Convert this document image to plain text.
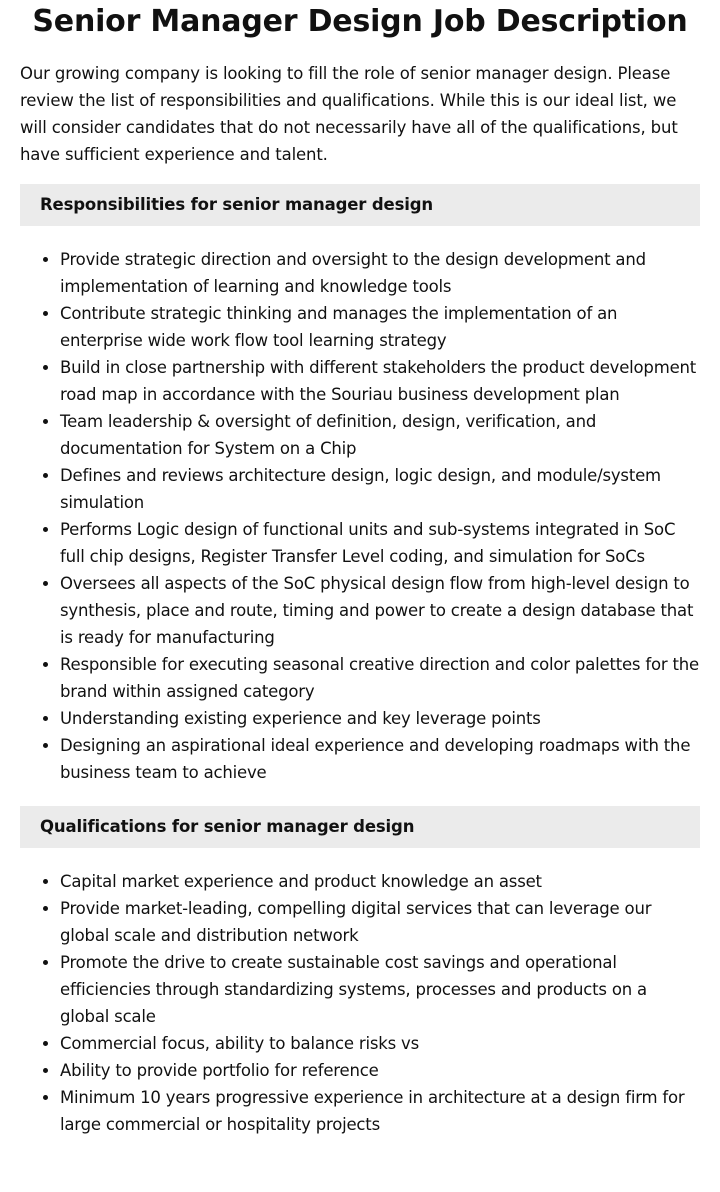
Senior Manager Design Job Description

Our growing company is looking to fill the role of senior manager design. Please review the list of responsibilities and qualifications. While this is our ideal list, we will consider candidates that do not necessarily have all of the qualifications, but have sufficient experience and talent.

Responsibilities for senior manager design
• Provide strategic direction and oversight to the design development and implementation of learning and knowledge tools
• Contribute strategic thinking and manages the implementation of an enterprise wide work flow tool learning strategy
• Build in close partnership with different stakeholders the product development road map in accordance with the Souriau business development plan
• Team leadership & oversight of definition, design, verification, and documentation for System on a Chip
• Defines and reviews architecture design, logic design, and module/system simulation
• Performs Logic design of functional units and sub-systems integrated in SoC full chip designs, Register Transfer Level coding, and simulation for SoCs
• Oversees all aspects of the SoC physical design flow from high-level design to synthesis, place and route, timing and power to create a design database that is ready for manufacturing
• Responsible for executing seasonal creative direction and color palettes for the brand within assigned category
• Understanding existing experience and key leverage points
• Designing an aspirational ideal experience and developing roadmaps with the business team to achieve
Qualifications for senior manager design
• Capital market experience and product knowledge an asset
• Provide market-leading, compelling digital services that can leverage our global scale and distribution network
• Promote the drive to create sustainable cost savings and operational efficiencies through standardizing systems, processes and products on a global scale
• Commercial focus, ability to balance risks vs
• Ability to provide portfolio for reference
• Minimum 10 years progressive experience in architecture at a design firm for large commercial or hospitality projects
